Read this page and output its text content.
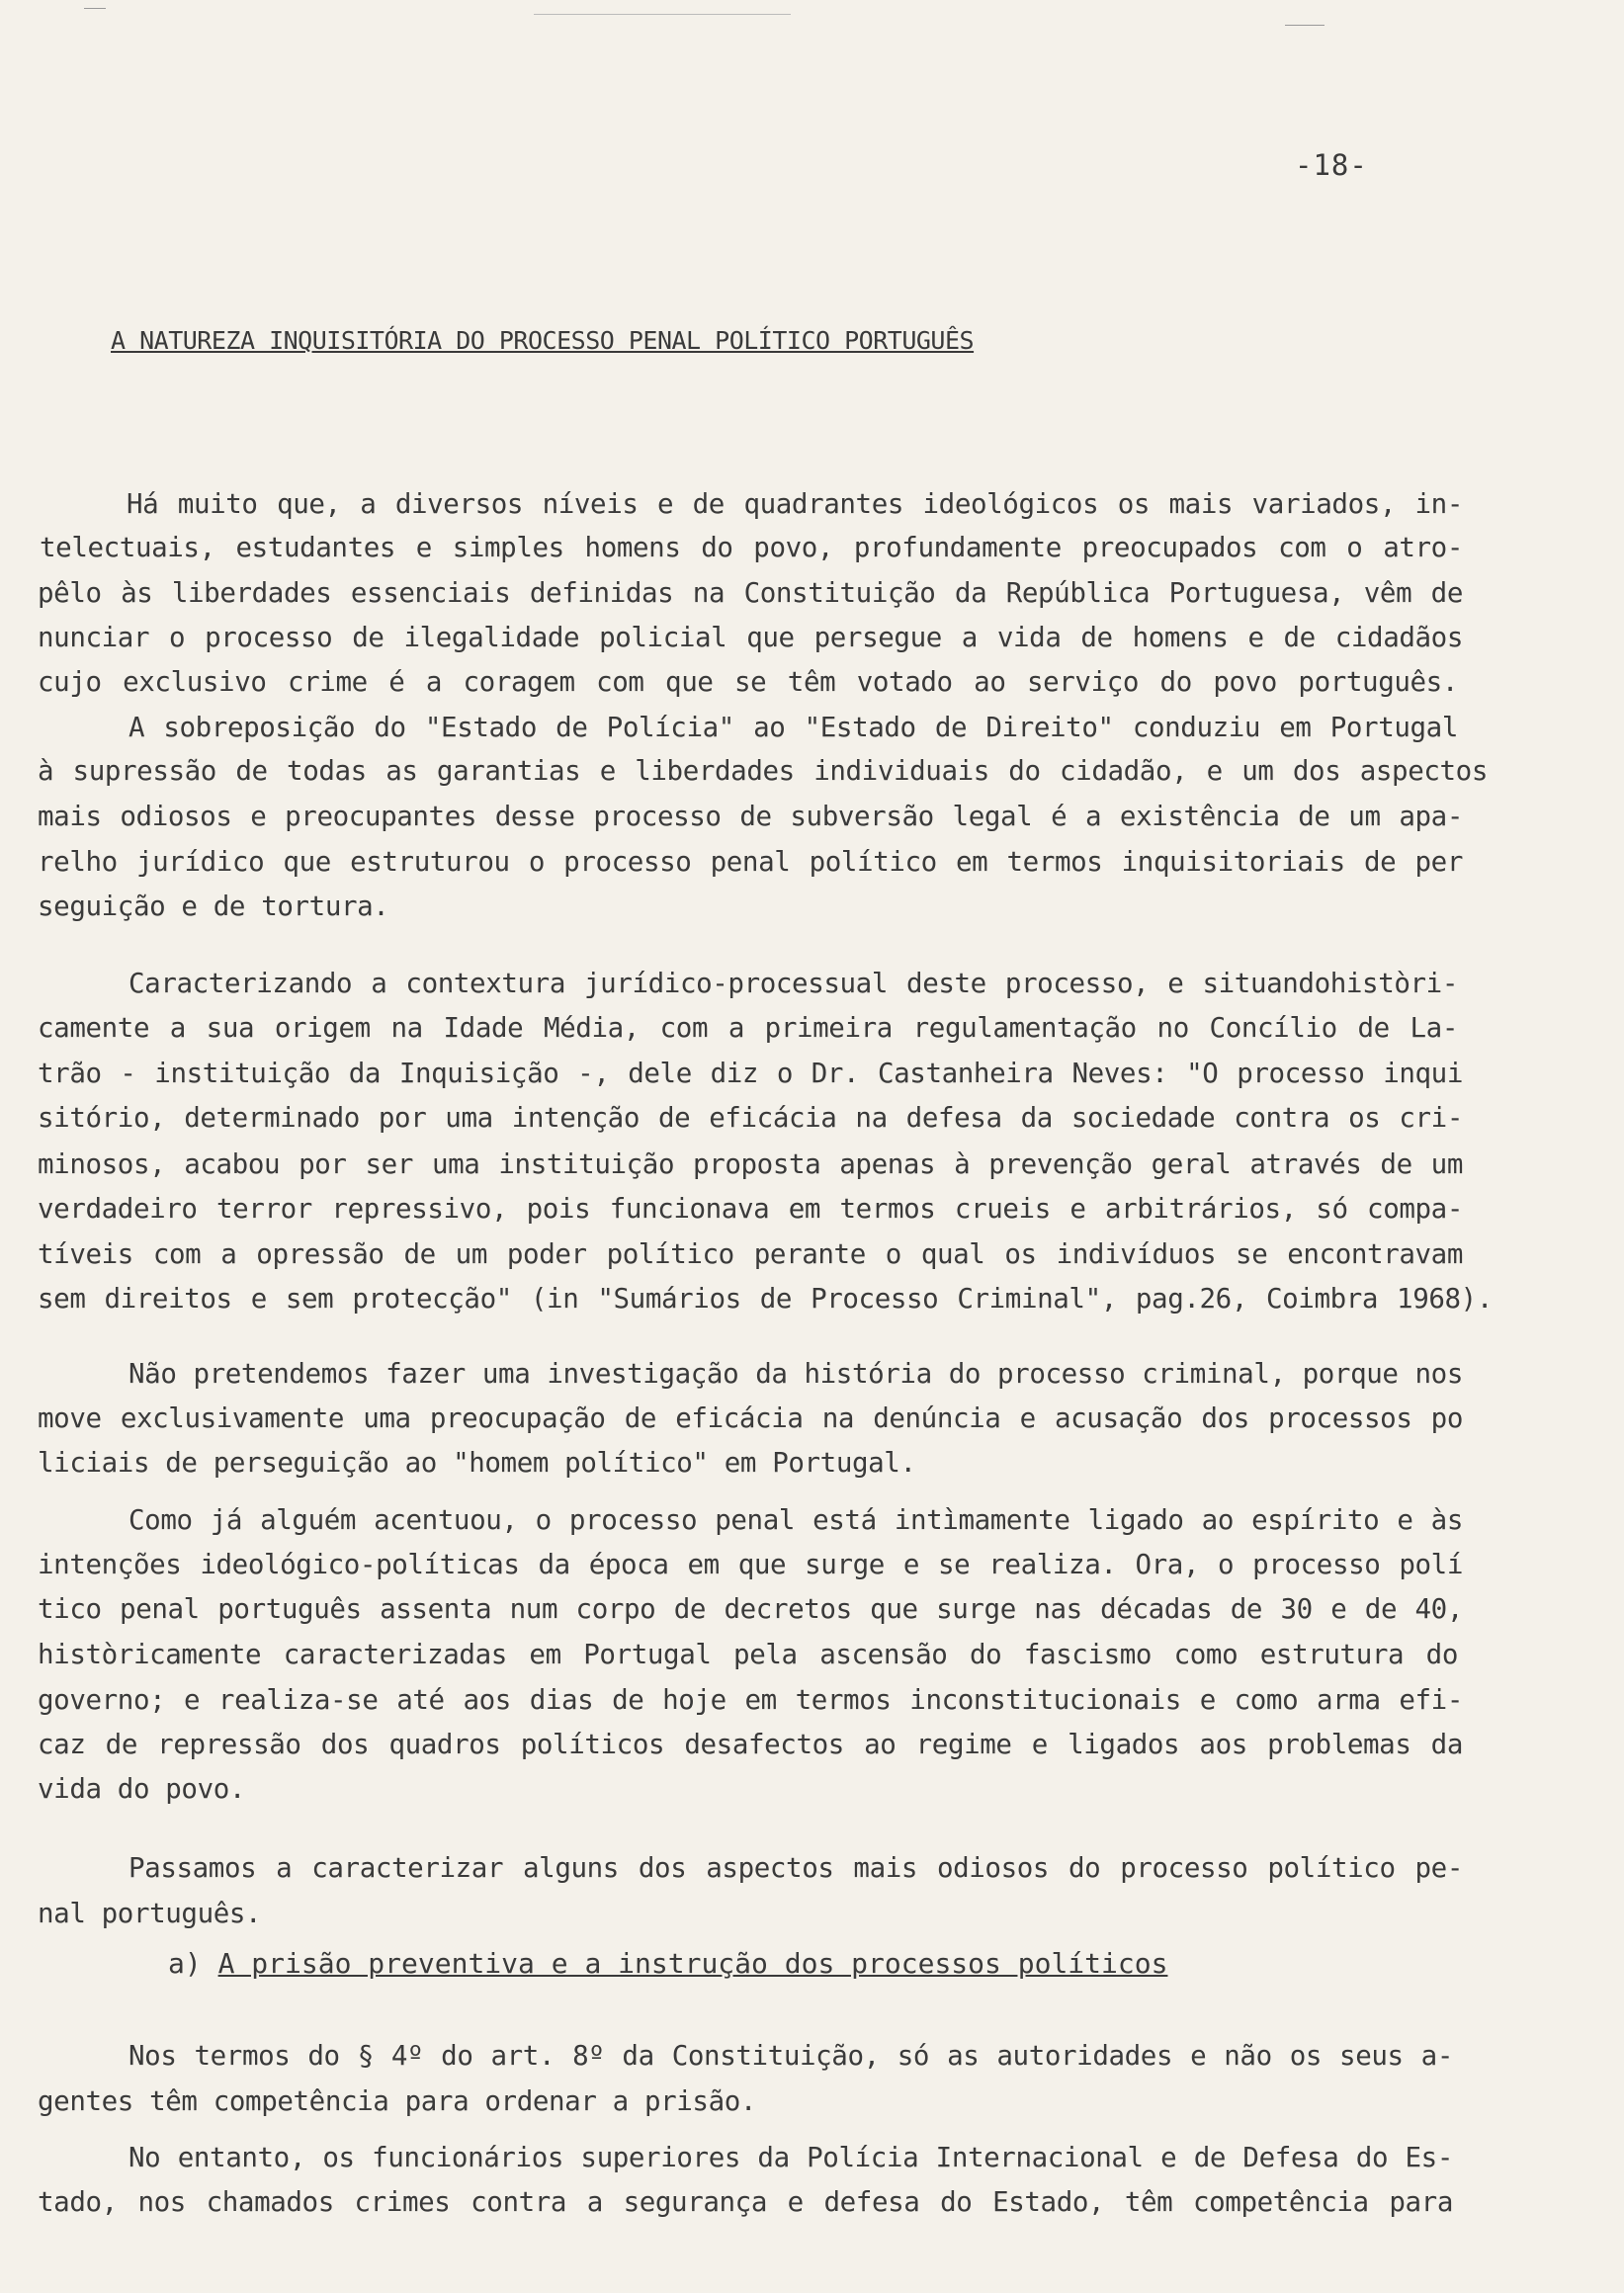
-18-
A NATUREZA INQUISITÓRIA DO PROCESSO PENAL POLÍTICO PORTUGUÊS
Há muito que, a diversos níveis e de quadrantes ideológicos os mais variados, in-
telectuais, estudantes e simples homens do povo, profundamente preocupados com o atro-
pêlo às liberdades essenciais definidas na Constituição da República Portuguesa, vêm de
nunciar o processo de ilegalidade policial que persegue a vida de homens e de cidadãos
cujo exclusivo crime é a coragem com que se têm votado ao serviço do povo português.
A sobreposição do "Estado de Polícia" ao "Estado de Direito" conduziu em Portugal
à supressão de todas as garantias e liberdades individuais do cidadão, e um dos aspectos
mais odiosos e preocupantes desse processo de subversão legal é a existência de um apa-
relho jurídico que estruturou o processo penal político em termos inquisitoriais de per
seguição e de tortura.
Caracterizando a contextura jurídico-processual deste processo, e situandohistòri-
camente a sua origem na Idade Média, com a primeira regulamentação no Concílio de La-
trão - instituição da Inquisição -, dele diz o Dr. Castanheira Neves: "O processo inqui
sitório, determinado por uma intenção de eficácia na defesa da sociedade contra os cri-
minosos, acabou por ser uma instituição proposta apenas à prevenção geral através de um
verdadeiro terror repressivo, pois funcionava em termos crueis e arbitrários, só compa-
tíveis com a opressão de um poder político perante o qual os indivíduos se encontravam
sem direitos e sem protecção" (in "Sumários de Processo Criminal", pag.26, Coimbra 1968).
Não pretendemos fazer uma investigação da história do processo criminal, porque nos
move exclusivamente uma preocupação de eficácia na denúncia e acusação dos processos po
liciais de perseguição ao "homem político" em Portugal.
Como já alguém acentuou, o processo penal está intìmamente ligado ao espírito e às
intenções ideológico-políticas da época em que surge e se realiza. Ora, o processo polí
tico penal português assenta num corpo de decretos que surge nas décadas de 30 e de 40,
històricamente caracterizadas em Portugal pela ascensão do fascismo como estrutura do
governo; e realiza-se até aos dias de hoje em termos inconstitucionais e como arma efi-
caz de repressão dos quadros políticos desafectos ao regime e ligados aos problemas da
vida do povo.
Passamos a caracterizar alguns dos aspectos mais odiosos do processo político pe-
nal português.
a) A prisão preventiva e a instrução dos processos políticos
Nos termos do § 4º do art. 8º da Constituição, só as autoridades e não os seus a-
gentes têm competência para ordenar a prisão.
No entanto, os funcionários superiores da Polícia Internacional e de Defesa do Es-
tado, nos chamados crimes contra a segurança e defesa do Estado, têm competência para
